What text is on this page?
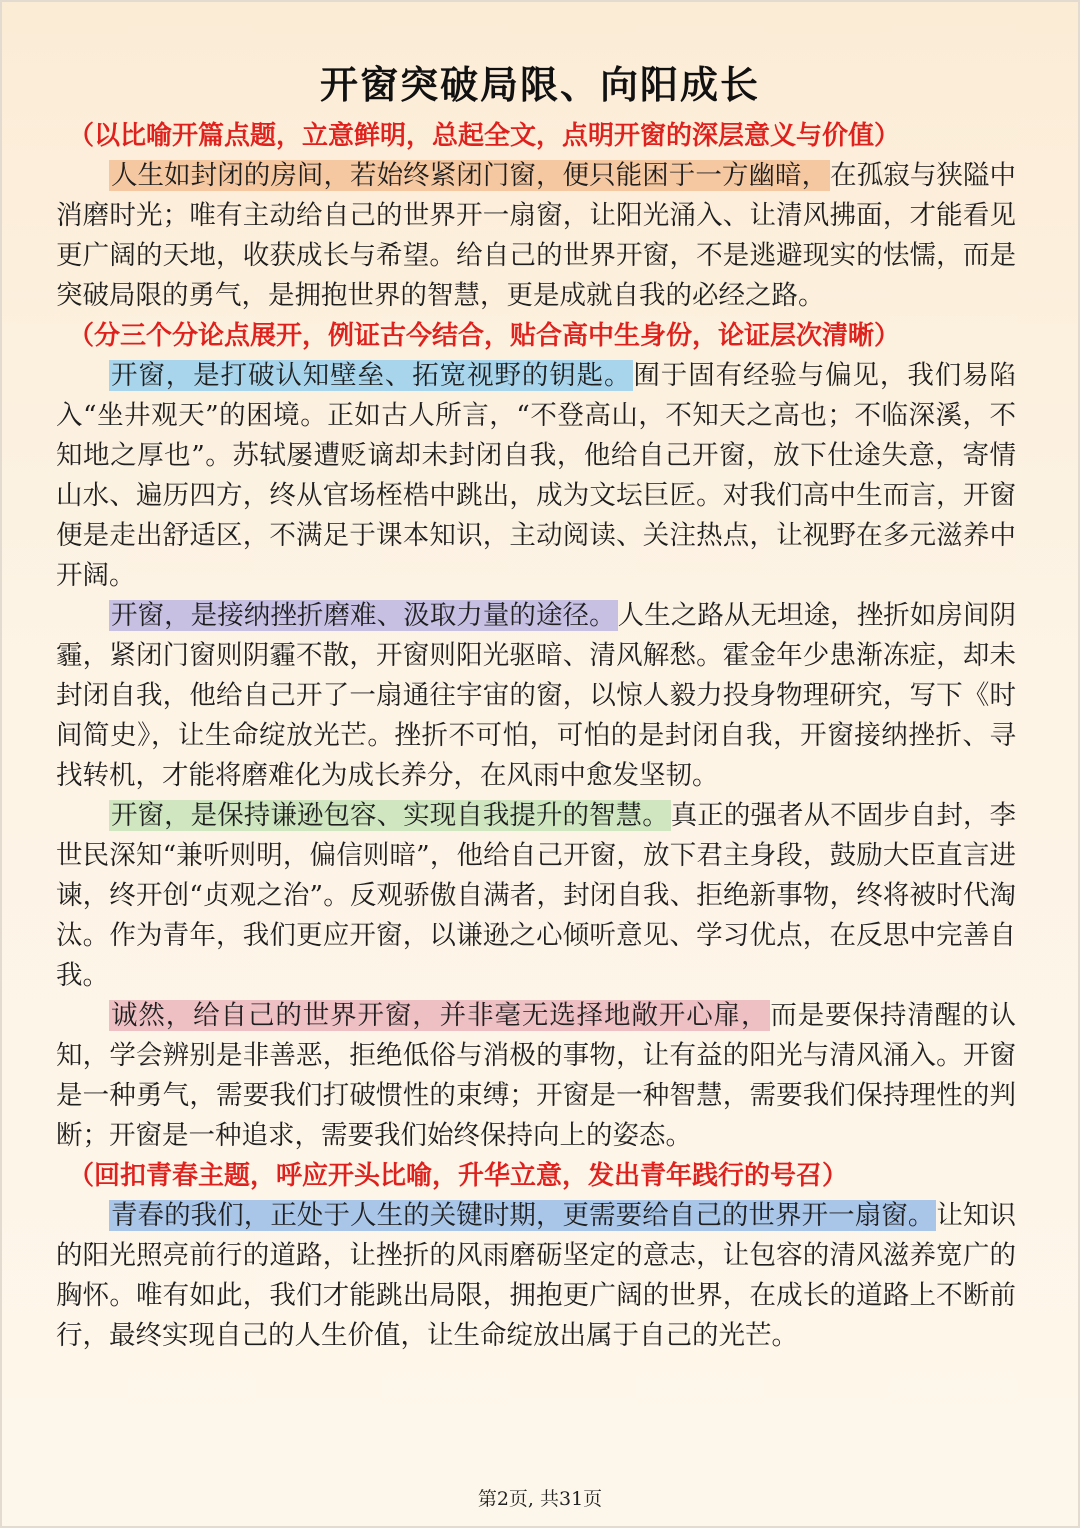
开窗突破局限、向阳成长

（以比喻开篇点题，立意鲜明，总起全文，点明开窗的深层意义与价值）

人生如封闭的房间，若始终紧闭门窗，便只能困于一方幽暗，在孤寂与狭隘中消磨时光；唯有主动给自己的世界开一扇窗，让阳光涌入、让清风拂面，才能看见更广阔的天地，收获成长与希望。给自己的世界开窗，不是逃避现实的怯懦，而是突破局限的勇气，是拥抱世界的智慧，更是成就自我的必经之路。

（分三个分论点展开，例证古今结合，贴合高中生身份，论证层次清晰）

开窗，是打破认知壁垒、拓宽视野的钥匙。囿于固有经验与偏见，我们易陷入“坐井观天”的困境。正如古人所言，“不登高山，不知天之高也；不临深溪，不知地之厚也”。苏轼屡遭贬谪却未封闭自我，他给自己开窗，放下仕途失意，寄情山水、遍历四方，终从官场桎梏中跳出，成为文坛巨匠。对我们高中生而言，开窗便是走出舒适区，不满足于课本知识，主动阅读、关注热点，让视野在多元滋养中开阔。

开窗，是接纳挫折磨难、汲取力量的途径。人生之路从无坦途，挫折如房间阴霾，紧闭门窗则阴霾不散，开窗则阳光驱暗、清风解愁。霍金年少患渐冻症，却未封闭自我，他给自己开了一扇通往宇宙的窗，以惊人毅力投身物理研究，写下《时间简史》，让生命绽放光芒。挫折不可怕，可怕的是封闭自我，开窗接纳挫折、寻找转机，才能将磨难化为成长养分，在风雨中愈发坚韧。

开窗，是保持谦逊包容、实现自我提升的智慧。真正的强者从不固步自封，李世民深知“兼听则明，偏信则暗”，他给自己开窗，放下君主身段，鼓励大臣直言进谏，终开创“贞观之治”。反观骄傲自满者，封闭自我、拒绝新事物，终将被时代淘汰。作为青年，我们更应开窗，以谦逊之心倾听意见、学习优点，在反思中完善自我。

诚然，给自己的世界开窗，并非毫无选择地敞开心扉，而是要保持清醒的认知，学会辨别是非善恶，拒绝低俗与消极的事物，让有益的阳光与清风涌入。开窗是一种勇气，需要我们打破惯性的束缚；开窗是一种智慧，需要我们保持理性的判断；开窗是一种追求，需要我们始终保持向上的姿态。

（回扣青春主题，呼应开头比喻，升华立意，发出青年践行的号召）

青春的我们，正处于人生的关键时期，更需要给自己的世界开一扇窗。让知识的阳光照亮前行的道路，让挫折的风雨磨砺坚定的意志，让包容的清风滋养宽广的胸怀。唯有如此，我们才能跳出局限，拥抱更广阔的世界，在成长的道路上不断前行，最终实现自己的人生价值，让生命绽放出属于自己的光芒。

第2页, 共31页
